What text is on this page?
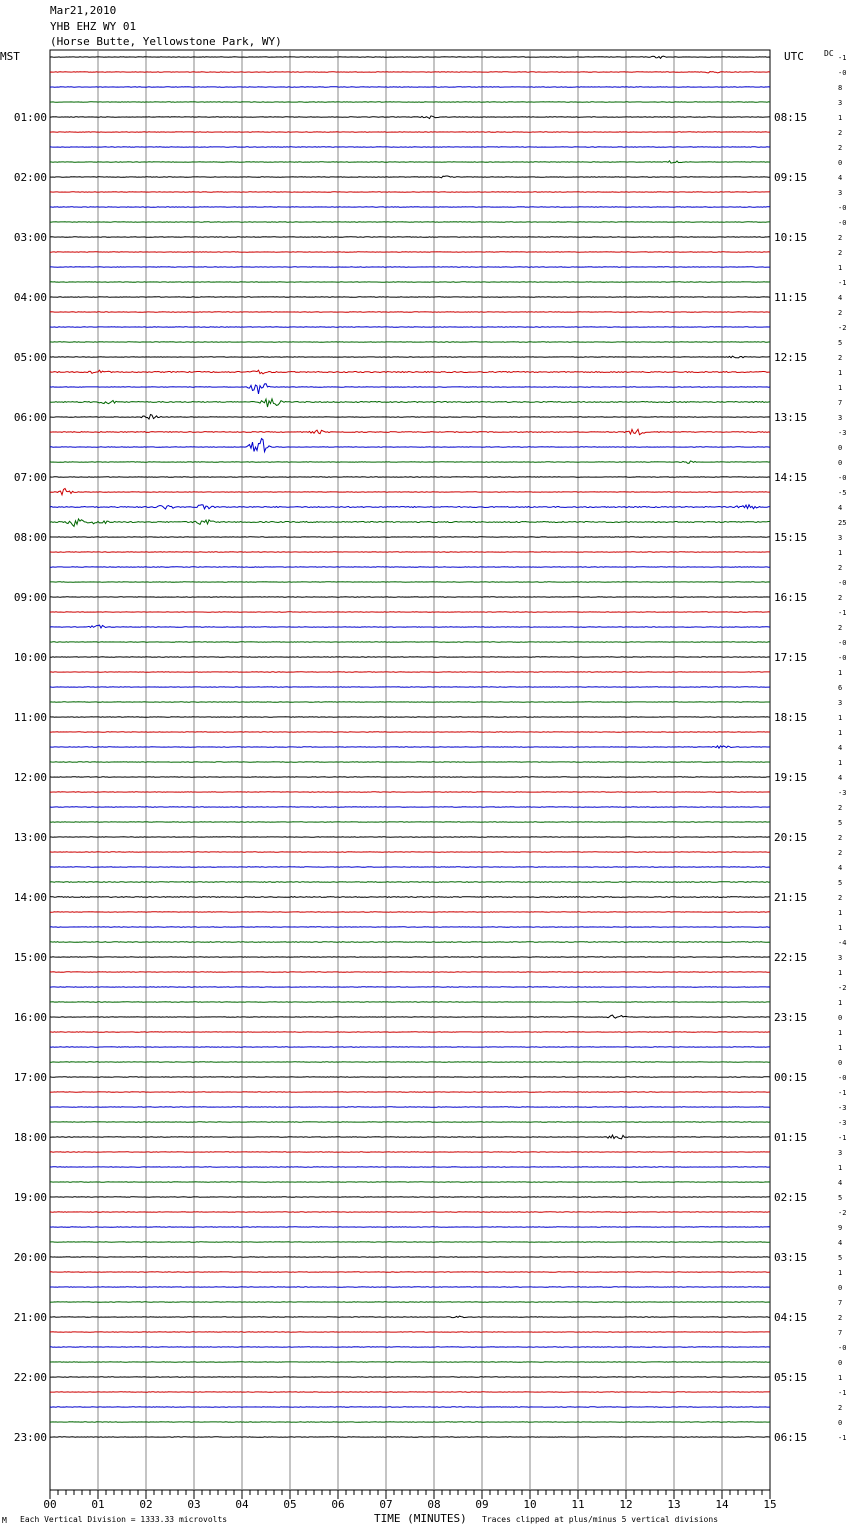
Mar21,2010
YHB EHZ WY 01
(Horse Butte, Yellowstone Park, WY)
MST	UTC	DC -1
-0
8
3
1
2
2
0
4
3
-0
-0
2
2
1
-1
4
2
-2
5
2
1
1
7
3
-3
0
0
-0
-5
4
25
3
1
2
-0
2
-1
2
-0
-0
1
6
3
1
1
4
1
4
-3
2
5
2
2
4
5
2
1
1
-4
3
1
-2
1
0
1
1
0
-0
-1
-3
-3
-1
3
1
4
5
-2
9
4
5
1
0
7
2
7
-0
0
1
-1
2
0
-1
01:00
02:00
03:00
04:00
05:00
06:00
07:00
08:00
09:00
10:00
11:00
12:00
13:00
14:00
15:00
16:00
17:00
18:00
19:00
20:00
21:00
22:00
23:00
08:15
09:15
10:15
11:15
12:15
13:15
14:15
15:15
16:15
17:15
18:15
19:15
20:15
21:15
22:15
23:15
00:15
01:15
02:15
03:15
04:15
05:15
06:15
00	01	02	03	04	05	06	07	08	09	10	11	12	13	14	15
M Each Vertical Division = 1333.33 microvolts	TIME (MINUTES) Traces clipped at plus/minus 5 vertical divisions
